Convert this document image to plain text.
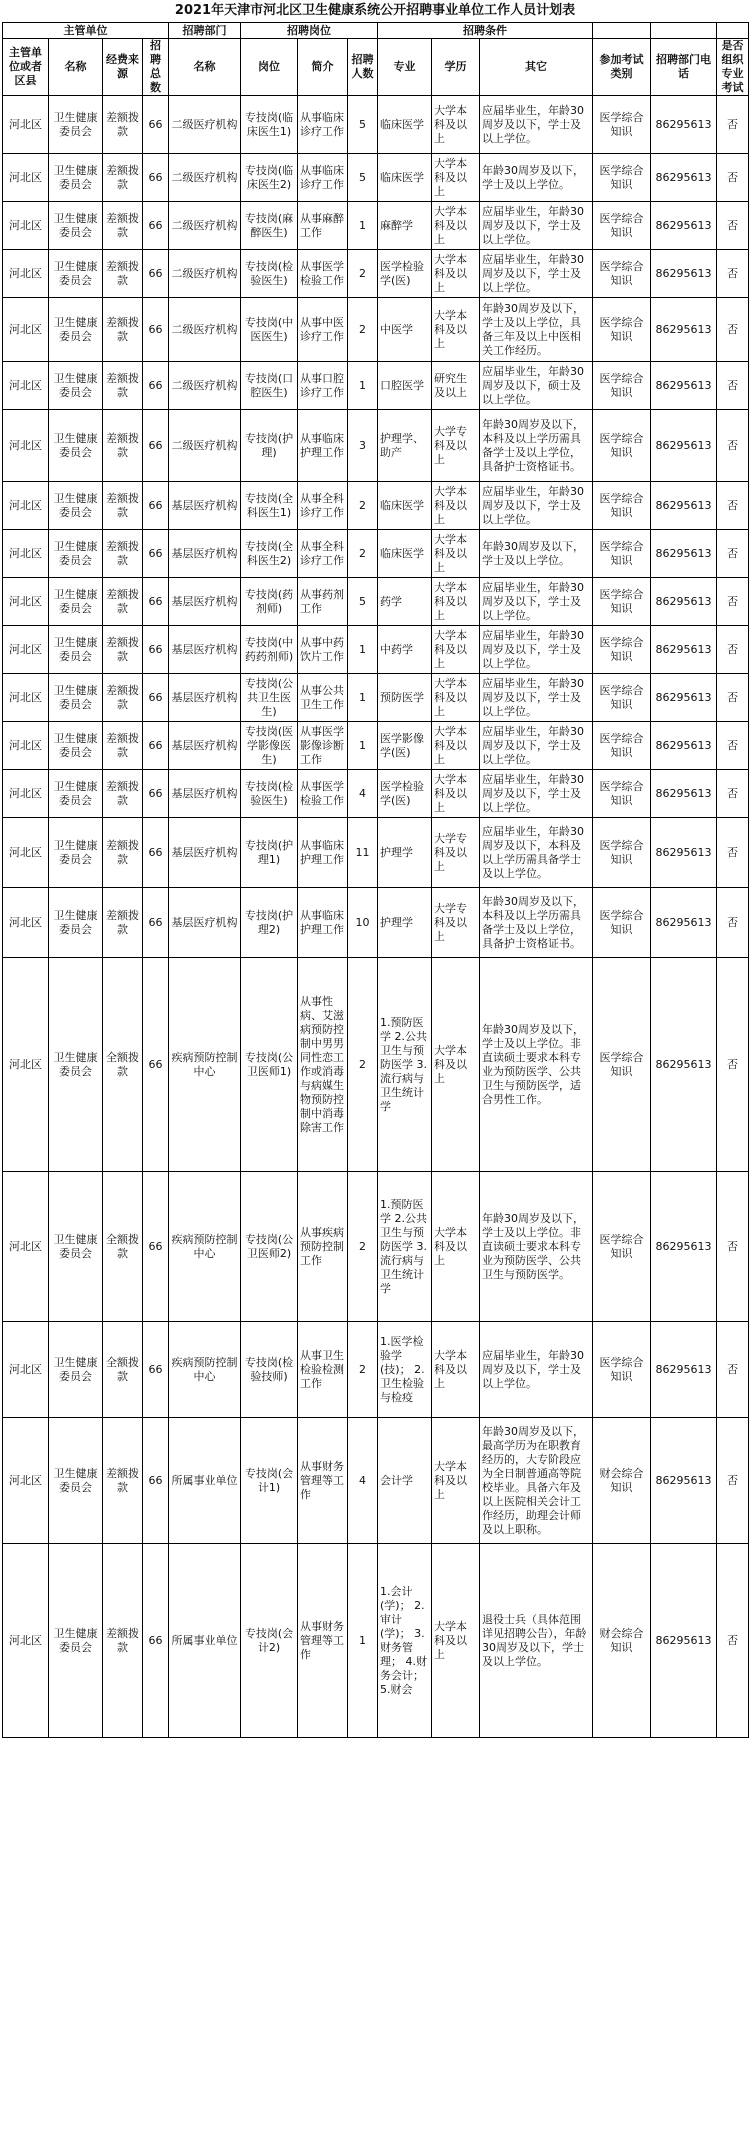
2021年天津市河北区卫生健康系统公开招聘事业单位工作人员计划表
主管单位				招聘部门	招聘岗位			招聘条件					
主管单位或者区县	名称	经费来源	招聘总数	名称	岗位	简介	招聘人数	专业	学历	其它	参加考试类别	招聘部门电话	是否组织专业考试
河北区	卫生健康委员会	差额拨款	66	二级医疗机构	专技岗(临床医生1)	从事临床诊疗工作	5	临床医学	大学本科及以上	应届毕业生，年龄30周岁及以下，学士及以上学位。	医学综合知识	86295613	否
河北区	卫生健康委员会	差额拨款	66	二级医疗机构	专技岗(临床医生2)	从事临床诊疗工作	5	临床医学	大学本科及以上	年龄30周岁及以下，学士及以上学位。	医学综合知识	86295613	否
河北区	卫生健康委员会	差额拨款	66	二级医疗机构	专技岗(麻醉医生)	从事麻醉工作	1	麻醉学	大学本科及以上	应届毕业生，年龄30周岁及以下，学士及以上学位。	医学综合知识	86295613	否
河北区	卫生健康委员会	差额拨款	66	二级医疗机构	专技岗(检验医生)	从事医学检验工作	2	医学检验学(医)	大学本科及以上	应届毕业生，年龄30周岁及以下，学士及以上学位。	医学综合知识	86295613	否
河北区	卫生健康委员会	差额拨款	66	二级医疗机构	专技岗(中医医生)	从事中医诊疗工作	2	中医学	大学本科及以上	年龄30周岁及以下，学士及以上学位，具备三年及以上中医相关工作经历。	医学综合知识	86295613	否
河北区	卫生健康委员会	差额拨款	66	二级医疗机构	专技岗(口腔医生)	从事口腔诊疗工作	1	口腔医学	研究生及以上	应届毕业生，年龄30周岁及以下，硕士及以上学位。	医学综合知识	86295613	否
河北区	卫生健康委员会	差额拨款	66	二级医疗机构	专技岗(护理)	从事临床护理工作	3	护理学、助产	大学专科及以上	年龄30周岁及以下，本科及以上学历需具备学士及以上学位，具备护士资格证书。	医学综合知识	86295613	否
河北区	卫生健康委员会	差额拨款	66	基层医疗机构	专技岗(全科医生1)	从事全科诊疗工作	2	临床医学	大学本科及以上	应届毕业生，年龄30周岁及以下，学士及以上学位。	医学综合知识	86295613	否
河北区	卫生健康委员会	差额拨款	66	基层医疗机构	专技岗(全科医生2)	从事全科诊疗工作	2	临床医学	大学本科及以上	年龄30周岁及以下，学士及以上学位。	医学综合知识	86295613	否
河北区	卫生健康委员会	差额拨款	66	基层医疗机构	专技岗(药剂师)	从事药剂工作	5	药学	大学本科及以上	应届毕业生，年龄30周岁及以下，学士及以上学位。	医学综合知识	86295613	否
河北区	卫生健康委员会	差额拨款	66	基层医疗机构	专技岗(中药药剂师)	从事中药饮片工作	1	中药学	大学本科及以上	应届毕业生，年龄30周岁及以下，学士及以上学位。	医学综合知识	86295613	否
河北区	卫生健康委员会	差额拨款	66	基层医疗机构	专技岗(公共卫生医生)	从事公共卫生工作	1	预防医学	大学本科及以上	应届毕业生，年龄30周岁及以下，学士及以上学位。	医学综合知识	86295613	否
河北区	卫生健康委员会	差额拨款	66	基层医疗机构	专技岗(医学影像医生)	从事医学影像诊断工作	1	医学影像学(医)	大学本科及以上	应届毕业生，年龄30周岁及以下，学士及以上学位。	医学综合知识	86295613	否
河北区	卫生健康委员会	差额拨款	66	基层医疗机构	专技岗(检验医生)	从事医学检验工作	4	医学检验学(医)	大学本科及以上	应届毕业生，年龄30周岁及以下，学士及以上学位。	医学综合知识	86295613	否
河北区	卫生健康委员会	差额拨款	66	基层医疗机构	专技岗(护理1)	从事临床护理工作	11	护理学	大学专科及以上	应届毕业生，年龄30周岁及以下，本科及以上学历需具备学士及以上学位。	医学综合知识	86295613	否
河北区	卫生健康委员会	差额拨款	66	基层医疗机构	专技岗(护理2)	从事临床护理工作	10	护理学	大学专科及以上	年龄30周岁及以下，本科及以上学历需具备学士及以上学位，具备护士资格证书。	医学综合知识	86295613	否
河北区	卫生健康委员会	全额拨款	66	疾病预防控制中心	专技岗(公卫医师1)	从事性病、艾滋病预防控制中男男同性恋工作或消毒与病媒生物预防控制中消毒除害工作	2	1.预防医学 2.公共卫生与预防医学 3.流行病与卫生统计学	大学本科及以上	年龄30周岁及以下，学士及以上学位。非直读硕士要求本科专业为预防医学、公共卫生与预防医学，适合男性工作。	医学综合知识	86295613	否
河北区	卫生健康委员会	全额拨款	66	疾病预防控制中心	专技岗(公卫医师2)	从事疾病预防控制工作	2	1.预防医学 2.公共卫生与预防医学 3.流行病与卫生统计学	大学本科及以上	年龄30周岁及以下，学士及以上学位。非直读硕士要求本科专业为预防医学、公共卫生与预防医学。	医学综合知识	86295613	否
河北区	卫生健康委员会	全额拨款	66	疾病预防控制中心	专技岗(检验技师)	从事卫生检验检测工作	2	1.医学检验学(技)； 2.卫生检验与检疫	大学本科及以上	应届毕业生，年龄30周岁及以下，学士及以上学位。	医学综合知识	86295613	否
河北区	卫生健康委员会	差额拨款	66	所属事业单位	专技岗(会计1)	从事财务管理等工作	4	会计学	大学本科及以上	年龄30周岁及以下，最高学历为在职教育经历的，大专阶段应为全日制普通高等院校毕业。具备六年及以上医院相关会计工作经历，助理会计师及以上职称。	财会综合知识	86295613	否
河北区	卫生健康委员会	差额拨款	66	所属事业单位	专技岗(会计2)	从事财务管理等工作	1	1.会计(学)； 2.审计(学)； 3.财务管理； 4.财务会计； 5.财会	大学本科及以上	退役士兵（具体范围详见招聘公告），年龄30周岁及以下，学士及以上学位。	财会综合知识	86295613	否
